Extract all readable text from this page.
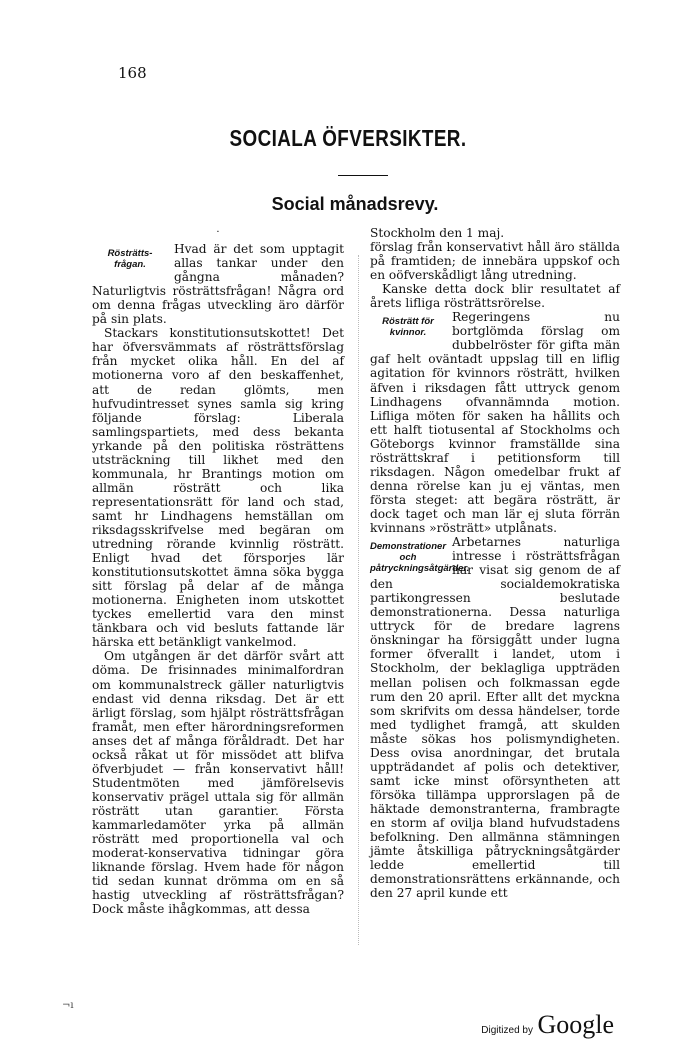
168
SOCIALA ÖFVERSIKTER.
Social månadsrevy.

·

Rösträtts-frågan.
Hvad är det som upptagit allas tankar under den gångna månaden? Naturligtvis rösträttsfrågan! Några ord om denna frågas utveckling äro därför på sin plats.

Stackars konstitutionsutskottet! Det har öfversvämmats af rösträttsförslag från mycket olika håll. En del af motionerna voro af den beskaffenhet, att de redan glömts, men hufvudintresset synes samla sig kring följande förslag: Liberala samlingspartiets, med dess bekanta yrkande på den politiska rösträttens utsträckning till likhet med den kommunala, hr Brantings motion om allmän rösträtt och lika representationsrätt för land och stad, samt hr Lindhagens hemställan om riksdagsskrifvelse med begäran om utredning rörande kvinnlig rösträtt. Enligt hvad det försporjes lär konstitutionsutskottet ämna söka bygga sitt förslag på delar af de många motionerna. Enigheten inom utskottet tyckes emellertid vara den minst tänkbara och vid besluts fattande lär härska ett betänkligt vankelmod.

Om utgången är det därför svårt att döma. De frisinnades minimalfordran om kommunalstreck gäller naturligtvis endast vid denna riksdag. Det är ett ärligt förslag, som hjälpt rösträttsfrågan framåt, men efter härordningsreformen anses det af många föråldradt. Det har också råkat ut för missödet att blifva öfverbjudet — från konservativt håll! Studentmöten med jämförelsevis konservativ prägel uttala sig för allmän rösträtt utan garantier. Första kammarledamöter yrka på allmän rösträtt med proportionella val och moderat-konservativa tidningar göra liknande förslag. Hvem hade för någon tid sedan kunnat drömma om en så hastig utveckling af rösträttsfrågan? Dock måste ihågkommas, att dessa

Stockholm den 1 maj.

förslag från konservativt håll äro ställda på framtiden; de innebära uppskof och en oöfverskådligt lång utredning.

Kanske detta dock blir resultatet af årets lifliga rösträttsrörelse.

Rösträtt för kvinnor.
Regeringens nu bortglömda förslag om dubbelröster för gifta män gaf helt oväntadt uppslag till en liflig agitation för kvinnors rösträtt, hvilken äfven i riksdagen fått uttryck genom Lindhagens ofvannämnda motion. Lifliga möten för saken ha hållits och ett halft tiotusental af Stockholms och Göteborgs kvinnor framställde sina rösträttskraf i petitionsform till riksdagen. Någon omedelbar frukt af denna rörelse kan ju ej väntas, men första steget: att begära rösträtt, är dock taget och man lär ej sluta förrän kvinnans »rösträtt» utplånats.

Demonstrationer och påtryckningsåtgärder.
Arbetarnes naturliga intresse i rösträttsfrågan har visat sig genom de af den socialdemokratiska partikongressen beslutade demonstrationerna. Dessa naturliga uttryck för de bredare lagrens önskningar ha försiggått under lugna former öfverallt i landet, utom i Stockholm, der beklagliga uppträden mellan polisen och folkmassan egde rum den 20 april. Efter allt det myckna som skrifvits om dessa händelser, torde med tydlighet framgå, att skulden måste sökas hos polismyndigheten. Dess ovisa anordningar, det brutala uppträdandet af polis och detektiver, samt icke minst oförsyntheten att försöka tillämpa upprorslagen på de häktade demonstranterna, frambragte en storm af ovilja bland hufvudstadens befolkning. Den allmänna stämningen jämte åtskilliga påtryckningsåtgärder ledde emellertid till demonstrationsrättens erkännande, och den 27 april kunde ett

¬ı
Digitized by Google
